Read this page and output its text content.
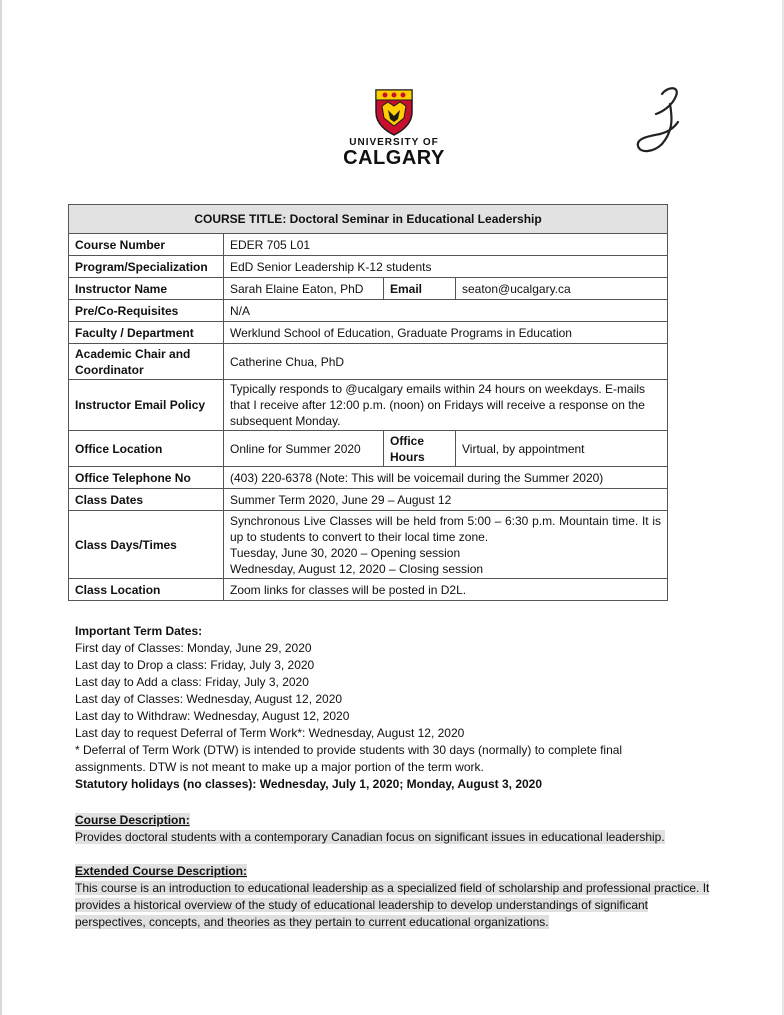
UNIVERSITY OF
CALGARY
COURSE TITLE: Doctoral Seminar in Educational Leadership			
Course Number	EDER 705 L01		
Program/Specialization	EdD Senior Leadership K-12 students		
Instructor Name	Sarah Elaine Eaton, PhD	Email	seaton@ucalgary.ca
Pre/Co-Requisites	N/A		
Faculty / Department	Werklund School of Education, Graduate Programs in Education		
Academic Chair and Coordinator	Catherine Chua, PhD		
Instructor Email Policy	Typically responds to @ucalgary emails within 24 hours on weekdays. E-mails that I receive after 12:00 p.m. (noon) on Fridays will receive a response on the subsequent Monday.		
Office Location	Online for Summer 2020	Office Hours	Virtual, by appointment
Office Telephone No	(403) 220-6378 (Note: This will be voicemail during the Summer 2020)		
Class Dates	Summer Term 2020, June 29 – August 12		
Class Days/Times	Synchronous Live Classes will be held from 5:00 – 6:30 p.m. Mountain time. It is up to students to convert to their local time zone.
Tuesday, June 30, 2020 – Opening session
Wednesday, August 12, 2020 – Closing session		

Class Location	Zoom links for classes will be posted in D2L.		

Important Term Dates:

First day of Classes: Monday, June 29, 2020

Last day to Drop a class: Friday, July 3, 2020

Last day to Add a class: Friday, July 3, 2020

Last day of Classes: Wednesday, August 12, 2020

Last day to Withdraw: Wednesday, August 12, 2020

Last day to request Deferral of Term Work*: Wednesday, August 12, 2020

* Deferral of Term Work (DTW) is intended to provide students with 30 days (normally) to complete final assignments. DTW is not meant to make up a major portion of the term work.

Statutory holidays (no classes): Wednesday, July 1, 2020; Monday, August 3, 2020

Course Description:

Provides doctoral students with a contemporary Canadian focus on significant issues in educational leadership.

Extended Course Description:

This course is an introduction to educational leadership as a specialized field of scholarship and professional practice. It provides a historical overview of the study of educational leadership to develop understandings of significant perspectives, concepts, and theories as they pertain to current educational organizations.
